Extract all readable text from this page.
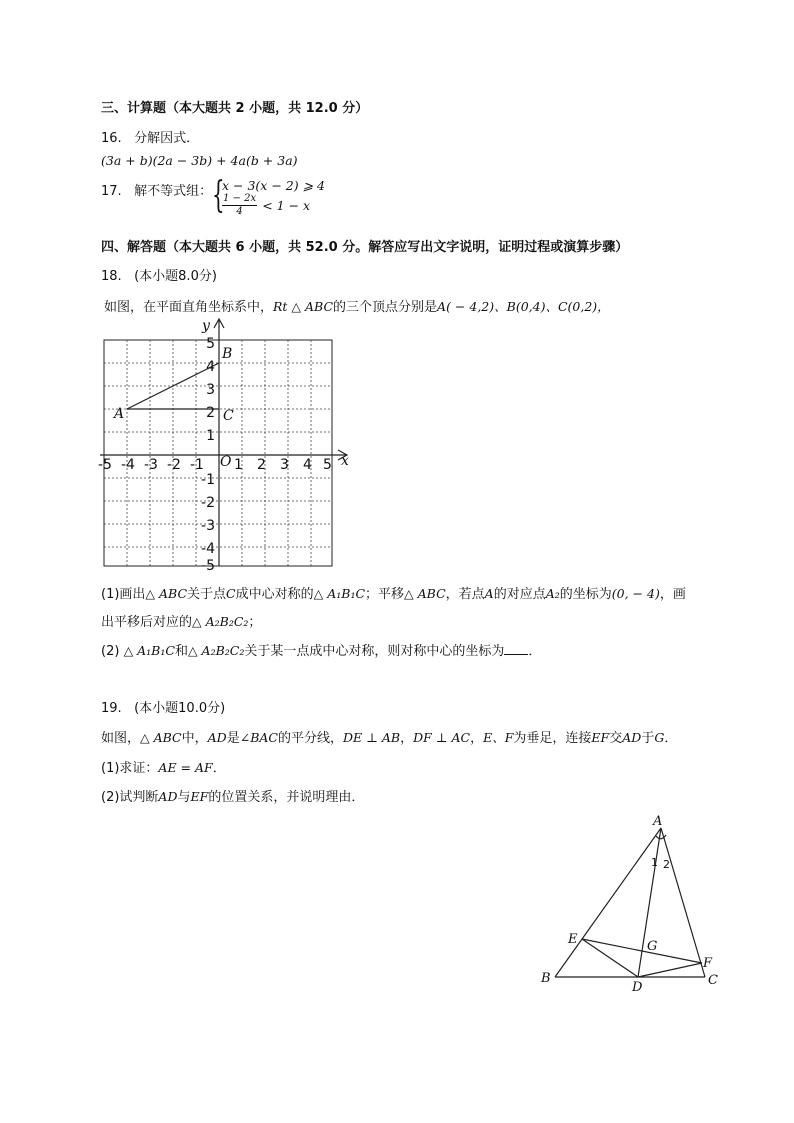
三、计算题（本大题共 2 小题，共 12.0 分）
16. 分解因式．
(3a + b)(2a − 3b) + 4a(b + 3a)
17. 解不等式组： {
x − 3(x − 2) ⩾ 4
$\frac{1 - 2x}{4} < 1 - x$
四、解答题（本大题共 6 小题，共 52.0 分。解答应写出文字说明，证明过程或演算步骤）
18. (本小题8.0分)
如图，在平面直角坐标系中，Rt △ ABC的三个顶点分别是A( − 4,2)、B(0,4)、C(0,2)，
x
y
O
A
B
C
-5 -4 -3 -2 -1 1 2 3 4 5
5
4
3
2
1
-1
-2
-3
-4
-5
(1)画出△ ABC关于点C成中心对称的△ A₁B₁C；平移△ ABC，若点A的对应点A₂的坐标为(0, − 4)，画
出平移后对应的△ A₂B₂C₂；
(2) △ A₁B₁C和△ A₂B₂C₂关于某一点成中心对称，则对称中心的坐标为 ．
19. (本小题10.0分)
如图，△ ABC中，AD是∠BAC的平分线，DE ⊥ AB，DF ⊥ AC，E、F为垂足，连接EF交AD于G．
(1)求证：AE = AF．
(2)试判断AD与EF的位置关系，并说明理由．
A
B	C
D
E
F
G
1 2
